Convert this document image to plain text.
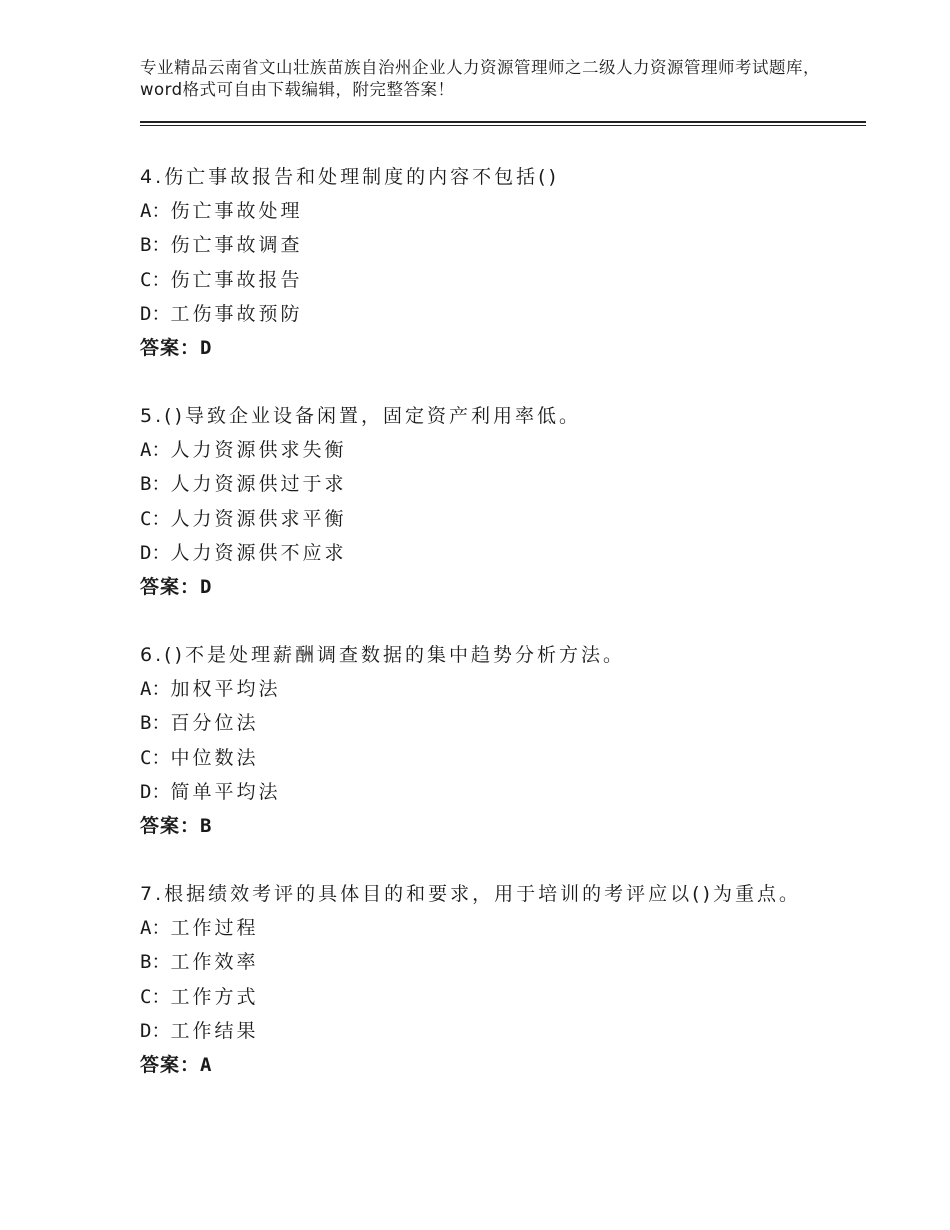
专业精品云南省文山壮族苗族自治州企业人力资源管理师之二级人力资源管理师考试题库，word格式可自由下载编辑，附完整答案！
4.伤亡事故报告和处理制度的内容不包括()
A：伤亡事故处理
B：伤亡事故调查
C：伤亡事故报告
D：工伤事故预防
答案：D
5.()导致企业设备闲置，固定资产利用率低。
A：人力资源供求失衡
B：人力资源供过于求
C：人力资源供求平衡
D：人力资源供不应求
答案：D
6.()不是处理薪酬调查数据的集中趋势分析方法。
A：加权平均法
B：百分位法
C：中位数法
D：简单平均法
答案：B
7.根据绩效考评的具体目的和要求，用于培训的考评应以()为重点。
A：工作过程
B：工作效率
C：工作方式
D：工作结果
答案：A
